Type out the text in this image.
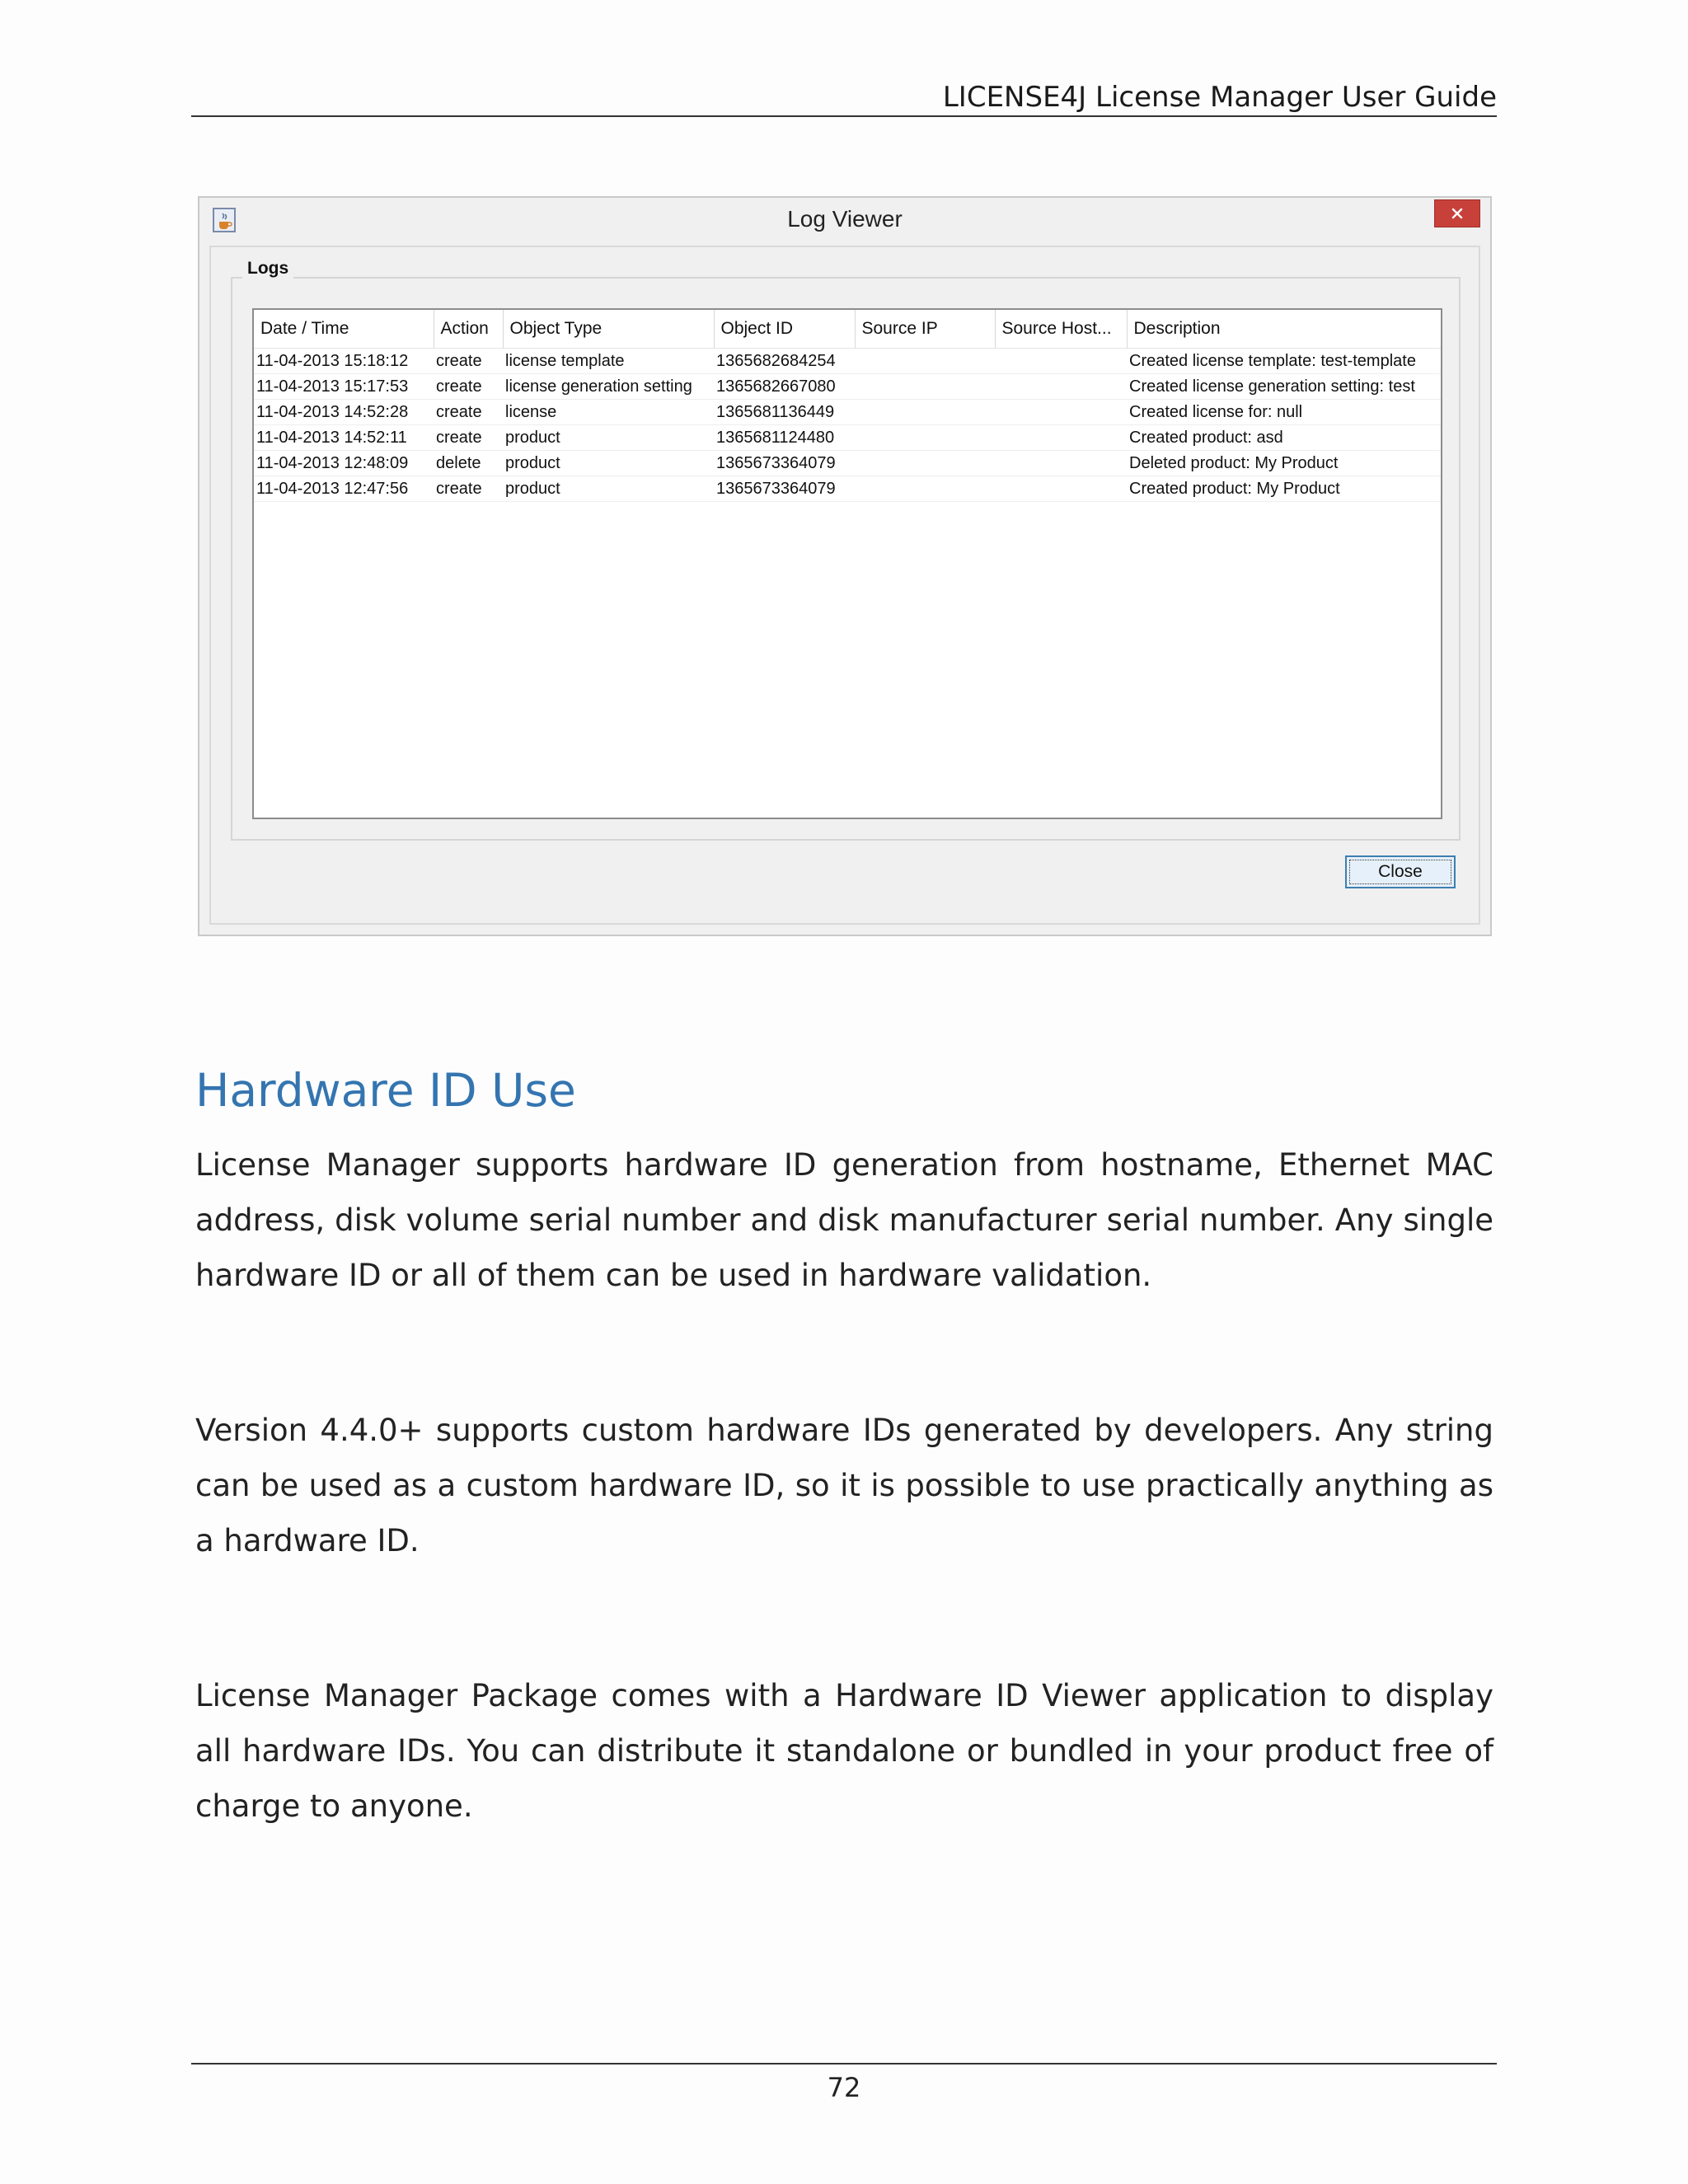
LICENSE4J License Manager User Guide
Log Viewer
Logs
Date / Time	Action	Object Type	Object ID	Source IP	Source Host...	Description
11-04-2013 15:18:12	create	license template	1365682684254			Created license template: test-template
11-04-2013 15:17:53	create	license generation setting	1365682667080			Created license generation setting: test
11-04-2013 14:52:28	create	license	1365681136449			Created license for: null
11-04-2013 14:52:11	create	product	1365681124480			Created product: asd
11-04-2013 12:48:09	delete	product	1365673364079			Deleted product: My Product
11-04-2013 12:47:56	create	product	1365673364079			Created product: My Product
Close
Hardware ID Use

License Manager supports hardware ID generation from hostname, Ethernet MAC address, disk volume serial number and disk manufacturer serial number. Any single hardware ID or all of them can be used in hardware validation.

Version 4.4.0+ supports custom hardware IDs generated by developers. Any string can be used as a custom hardware ID, so it is possible to use practically anything as a hardware ID.

License Manager Package comes with a Hardware ID Viewer application to display all hardware IDs. You can distribute it standalone or bundled in your product free of charge to anyone.

72
